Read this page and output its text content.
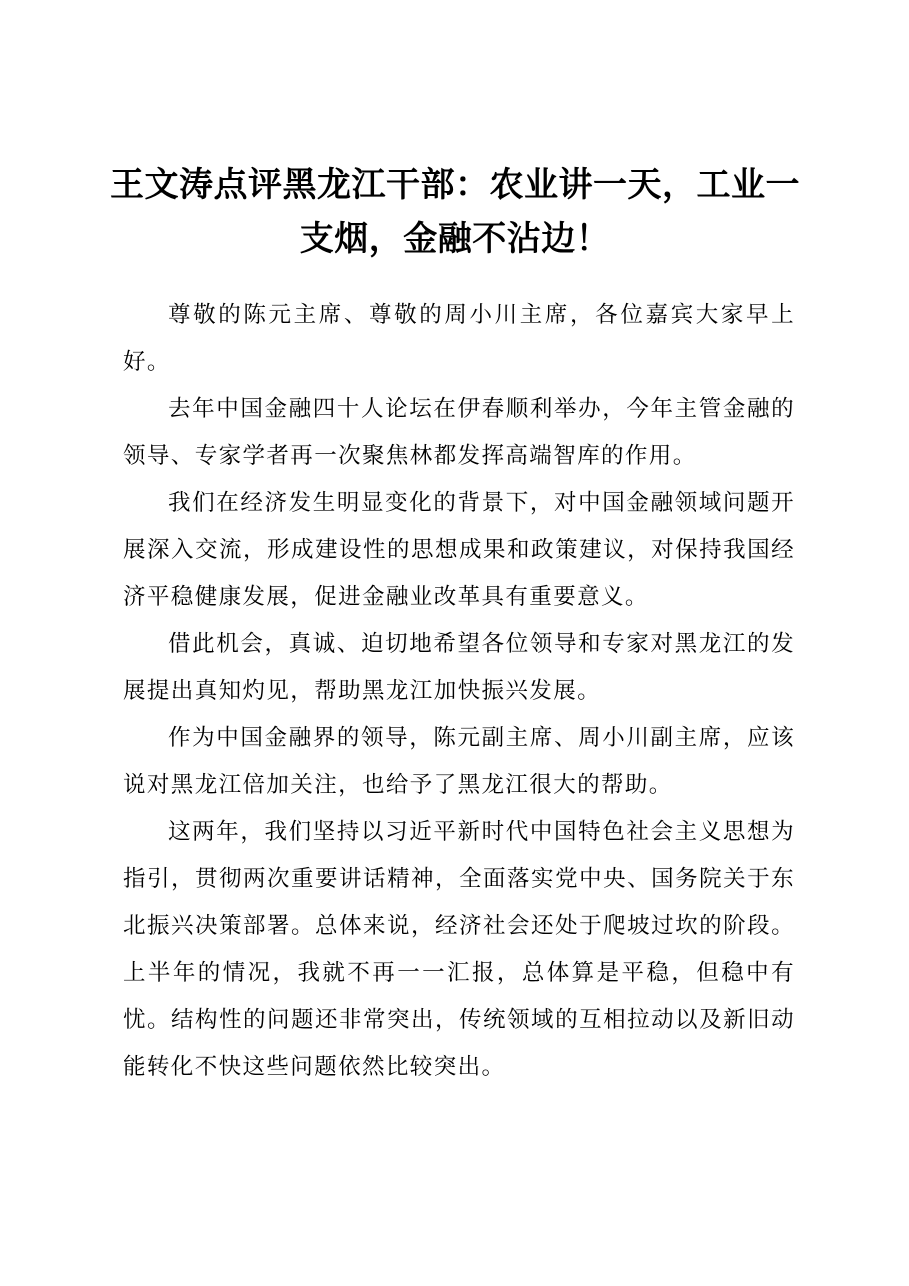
王文涛点评黑龙江干部：农业讲一天，工业一支烟，金融不沾边！

尊敬的陈元主席、尊敬的周小川主席，各位嘉宾大家早上好。

去年中国金融四十人论坛在伊春顺利举办，今年主管金融的领导、专家学者再一次聚焦林都发挥高端智库的作用。

我们在经济发生明显变化的背景下，对中国金融领域问题开展深入交流，形成建设性的思想成果和政策建议，对保持我国经济平稳健康发展，促进金融业改革具有重要意义。

借此机会，真诚、迫切地希望各位领导和专家对黑龙江的发展提出真知灼见，帮助黑龙江加快振兴发展。

作为中国金融界的领导，陈元副主席、周小川副主席，应该说对黑龙江倍加关注，也给予了黑龙江很大的帮助。

这两年，我们坚持以习近平新时代中国特色社会主义思想为指引，贯彻两次重要讲话精神，全面落实党中央、国务院关于东北振兴决策部署。总体来说，经济社会还处于爬坡过坎的阶段。上半年的情况，我就不再一一汇报，总体算是平稳，但稳中有忧。结构性的问题还非常突出，传统领域的互相拉动以及新旧动能转化不快这些问题依然比较突出。
